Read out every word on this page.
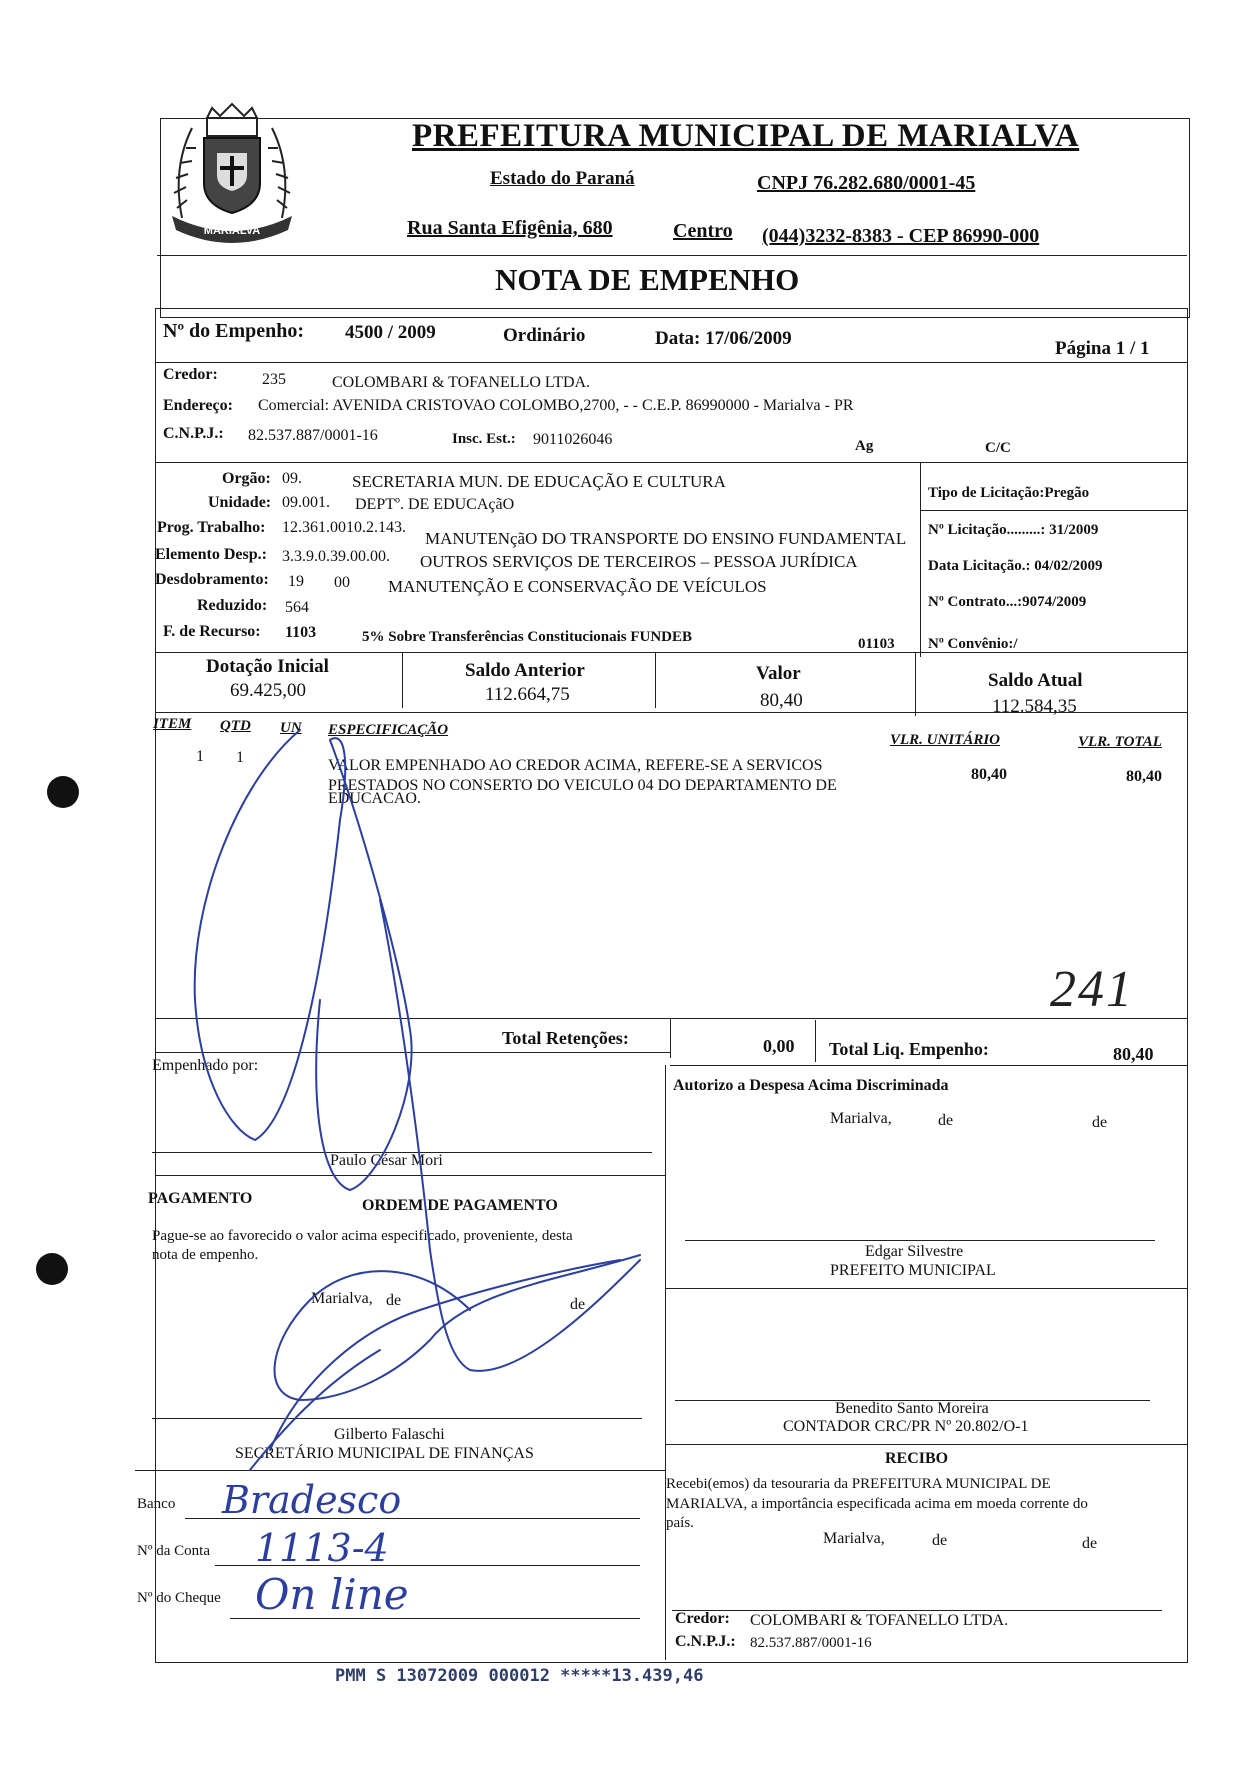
MARIALVA
PREFEITURA MUNICIPAL DE MARIALVA
Estado do Paraná	CNPJ 76.282.680/0001-45
Rua Santa Efigênia, 680	Centro (044)3232-8383 - CEP 86990-000
NOTA DE EMPENHO
Nº do Empenho: 4500 / 2009	Ordinário	Data: 17/06/2009	Página 1 / 1
Credor:	235	COLOMBARI & TOFANELLO LTDA.
Endereço: Comercial: AVENIDA CRISTOVAO COLOMBO,2700, - - C.E.P. 86990000 - Marialva - PR
C.N.P.J.: 82.537.887/0001-16	Insc. Est.: 9011026046	Ag	C/C
Orgão: 09.	SECRETARIA MUN. DE EDUCAÇÃO E CULTURA
Unidade: 09.001. DEPTº. DE EDUCAçãO
Prog. Trabalho: 12.361.0010.2.143.
MANUTENçãO DO TRANSPORTE DO ENSINO FUNDAMENTAL
Elemento Desp.: 3.3.9.0.39.00.00. OUTROS SERVIÇOS DE TERCEIROS – PESSOA JURÍDICA
Desdobramento: 19 00 MANUTENÇÃO E CONSERVAÇÃO DE VEÍCULOS
Reduzido: 564
F. de Recurso: 1103	5% Sobre Transferências Constitucionais FUNDEB	01103
Tipo de Licitação:Pregão
Nº Licitação.........: 31/2009
Data Licitação.: 04/02/2009
Nº Contrato...:9074/2009
Nº Convênio:/
Dotação Inicial
69.425,00
Saldo Anterior
112.664,75
Valor
80,40
Saldo Atual
112.584,35
ITEM QTD UN ESPECIFICAÇÃO
VLR. UNITÁRIO	VLR. TOTAL
1 1	VALOR EMPENHADO AO CREDOR ACIMA, REFERE-SE A SERVICOS
PRESTADOS NO CONSERTO DO VEICULO 04 DO DEPARTAMENTO DE
EDUCACAO.
80,40	80,40
241
Total Retenções:	0,00 Total Liq. Empenho:	80,40
Empenhado por:
Paulo César Mori
Autorizo a Despesa Acima Discriminada
Marialva,	de	de
Edgar Silvestre
PREFEITO MUNICIPAL
PAGAMENTO	ORDEM DE PAGAMENTO
Pague-se ao favorecido o valor acima especificado, proveniente, desta
nota de empenho.
Marialva, de	de
Gilberto Falaschi
SECRETÁRIO MUNICIPAL DE FINANÇAS
Benedito Santo Moreira
CONTADOR CRC/PR Nº 20.802/O-1
Banco Bradesco
Nº da Conta 1113-4
Nº do Cheque On line
RECIBO
Recebi(emos) da tesouraria da PREFEITURA MUNICIPAL DE
MARIALVA, a importância especificada acima em moeda corrente do
país.
Marialva,	de	de
Credor: COLOMBARI & TOFANELLO LTDA.
C.N.P.J.: 82.537.887/0001-16
PMM S 13072009 000012 *****13.439,46
